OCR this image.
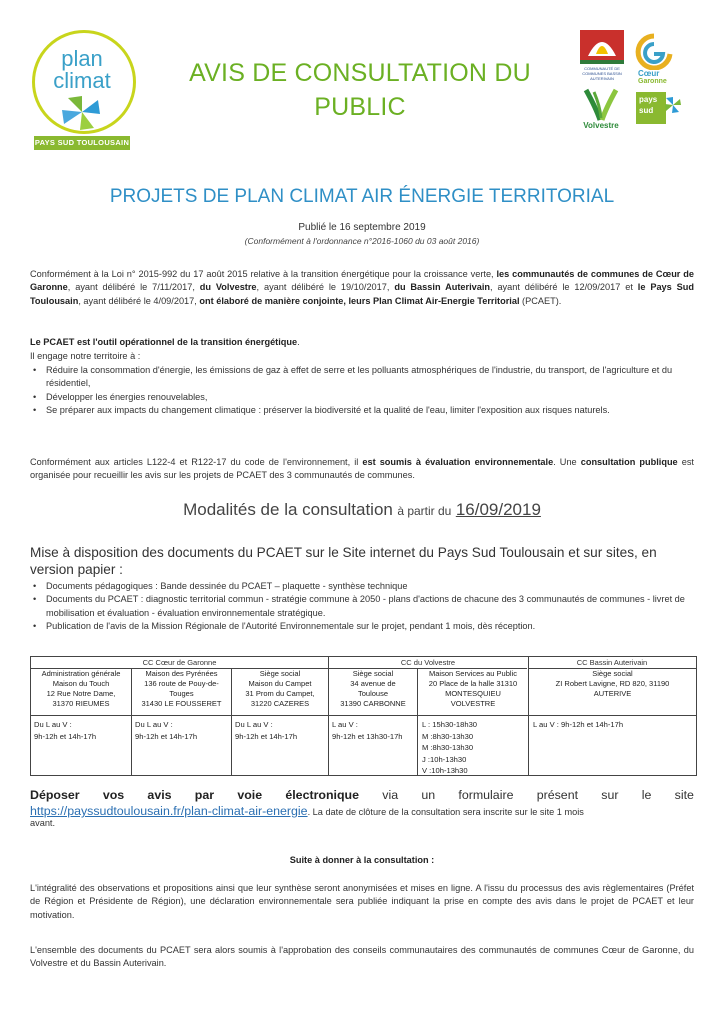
plan
climat
PAYS SUD TOULOUSAIN
AVIS DE CONSULTATION DU
PUBLIC
COMMUNAUTÉ DE COMMUNES BASSIN AUTERIVAIN
Cœur
Garonne
Volvestre
pays
sud
PROJETS DE PLAN CLIMAT AIR ÉNERGIE TERRITORIAL
Publié le 16 septembre 2019
(Conformément à l'ordonnance n°2016-1060 du 03 août 2016)
Conformément à la Loi n° 2015-992 du 17 août 2015 relative à la transition énergétique pour la croissance verte, les communautés de communes de Cœur de Garonne, ayant délibéré le 7/11/2017, du Volvestre, ayant délibéré le 19/10/2017, du Bassin Auterivain, ayant délibéré le 12/09/2017 et le Pays Sud Toulousain, ayant délibéré le 4/09/2017, ont élaboré de manière conjointe, leurs Plan Climat Air-Energie Territorial (PCAET).
Le PCAET est l'outil opérationnel de la transition énergétique.
Il engage notre territoire à :
• Réduire la consommation d'énergie, les émissions de gaz à effet de serre et les polluants atmosphériques de l'industrie, du transport, de l'agriculture et du résidentiel,
• Développer les énergies renouvelables,
• Se préparer aux impacts du changement climatique : préserver la biodiversité et la qualité de l'eau, limiter l'exposition aux risques naturels.
Conformément aux articles L122-4 et R122-17 du code de l'environnement, il est soumis à évaluation environnementale. Une consultation publique est organisée pour recueillir les avis sur les projets de PCAET des 3 communautés de communes.
Modalités de la consultation à partir du 16/09/2019
Mise à disposition des documents du PCAET sur le Site internet du Pays Sud Toulousain et sur sites, en version papier :
• Documents pédagogiques : Bande dessinée du PCAET – plaquette - synthèse technique
• Documents du PCAET : diagnostic territorial commun - stratégie commune à 2050 - plans d'actions de chacune des 3 communautés de communes - livret de mobilisation et évaluation - évaluation environnementale stratégique.
• Publication de l'avis de la Mission Régionale de l'Autorité Environnementale sur le projet, pendant 1 mois, dès réception.
CC Cœur de Garonne	CC du Volvestre	CC Bassin Auterivain
Administration générale
Maison du Touch
12 Rue Notre Dame,
31370 RIEUMES
Maison des Pyrénées
136 route de Pouy-de-
Touges
31430 LE FOUSSERET
Siège social
Maison du Campet
31 Prom du Campet,
31220 CAZERES
Siège social
34 avenue de
Toulouse
31390 CARBONNE
Maison Services au Public
20 Place de la halle 31310
MONTESQUIEU
VOLVESTRE
Siège social
ZI Robert Lavigne, RD 820, 31190
AUTERIVE
Du L au V :
9h-12h et 14h-17h
Du L au V :
9h-12h et 14h-17h
Du L au V :
9h-12h et 14h-17h
L au V :
9h-12h et 13h30-17h
L : 15h30-18h30
M :8h30-13h30
M :8h30-13h30
J :10h-13h30
V :10h-13h30
L au V : 9h-12h et 14h-17h
Déposer vos avis par voie électronique via un formulaire présent sur le site
https://payssudtoulousain.fr/plan-climat-air-energie. La date de clôture de la consultation sera inscrite sur le site 1 mois
avant.
Suite à donner à la consultation :
L'intégralité des observations et propositions ainsi que leur synthèse seront anonymisées et mises en ligne. A l'issu du processus des avis règlementaires (Préfet de Région et Présidente de Région), une déclaration environnementale sera publiée indiquant la prise en compte des avis dans le projet de PCAET et leur motivation.
L'ensemble des documents du PCAET sera alors soumis à l'approbation des conseils communautaires des communautés de communes Cœur de Garonne, du Volvestre et du Bassin Auterivain.
